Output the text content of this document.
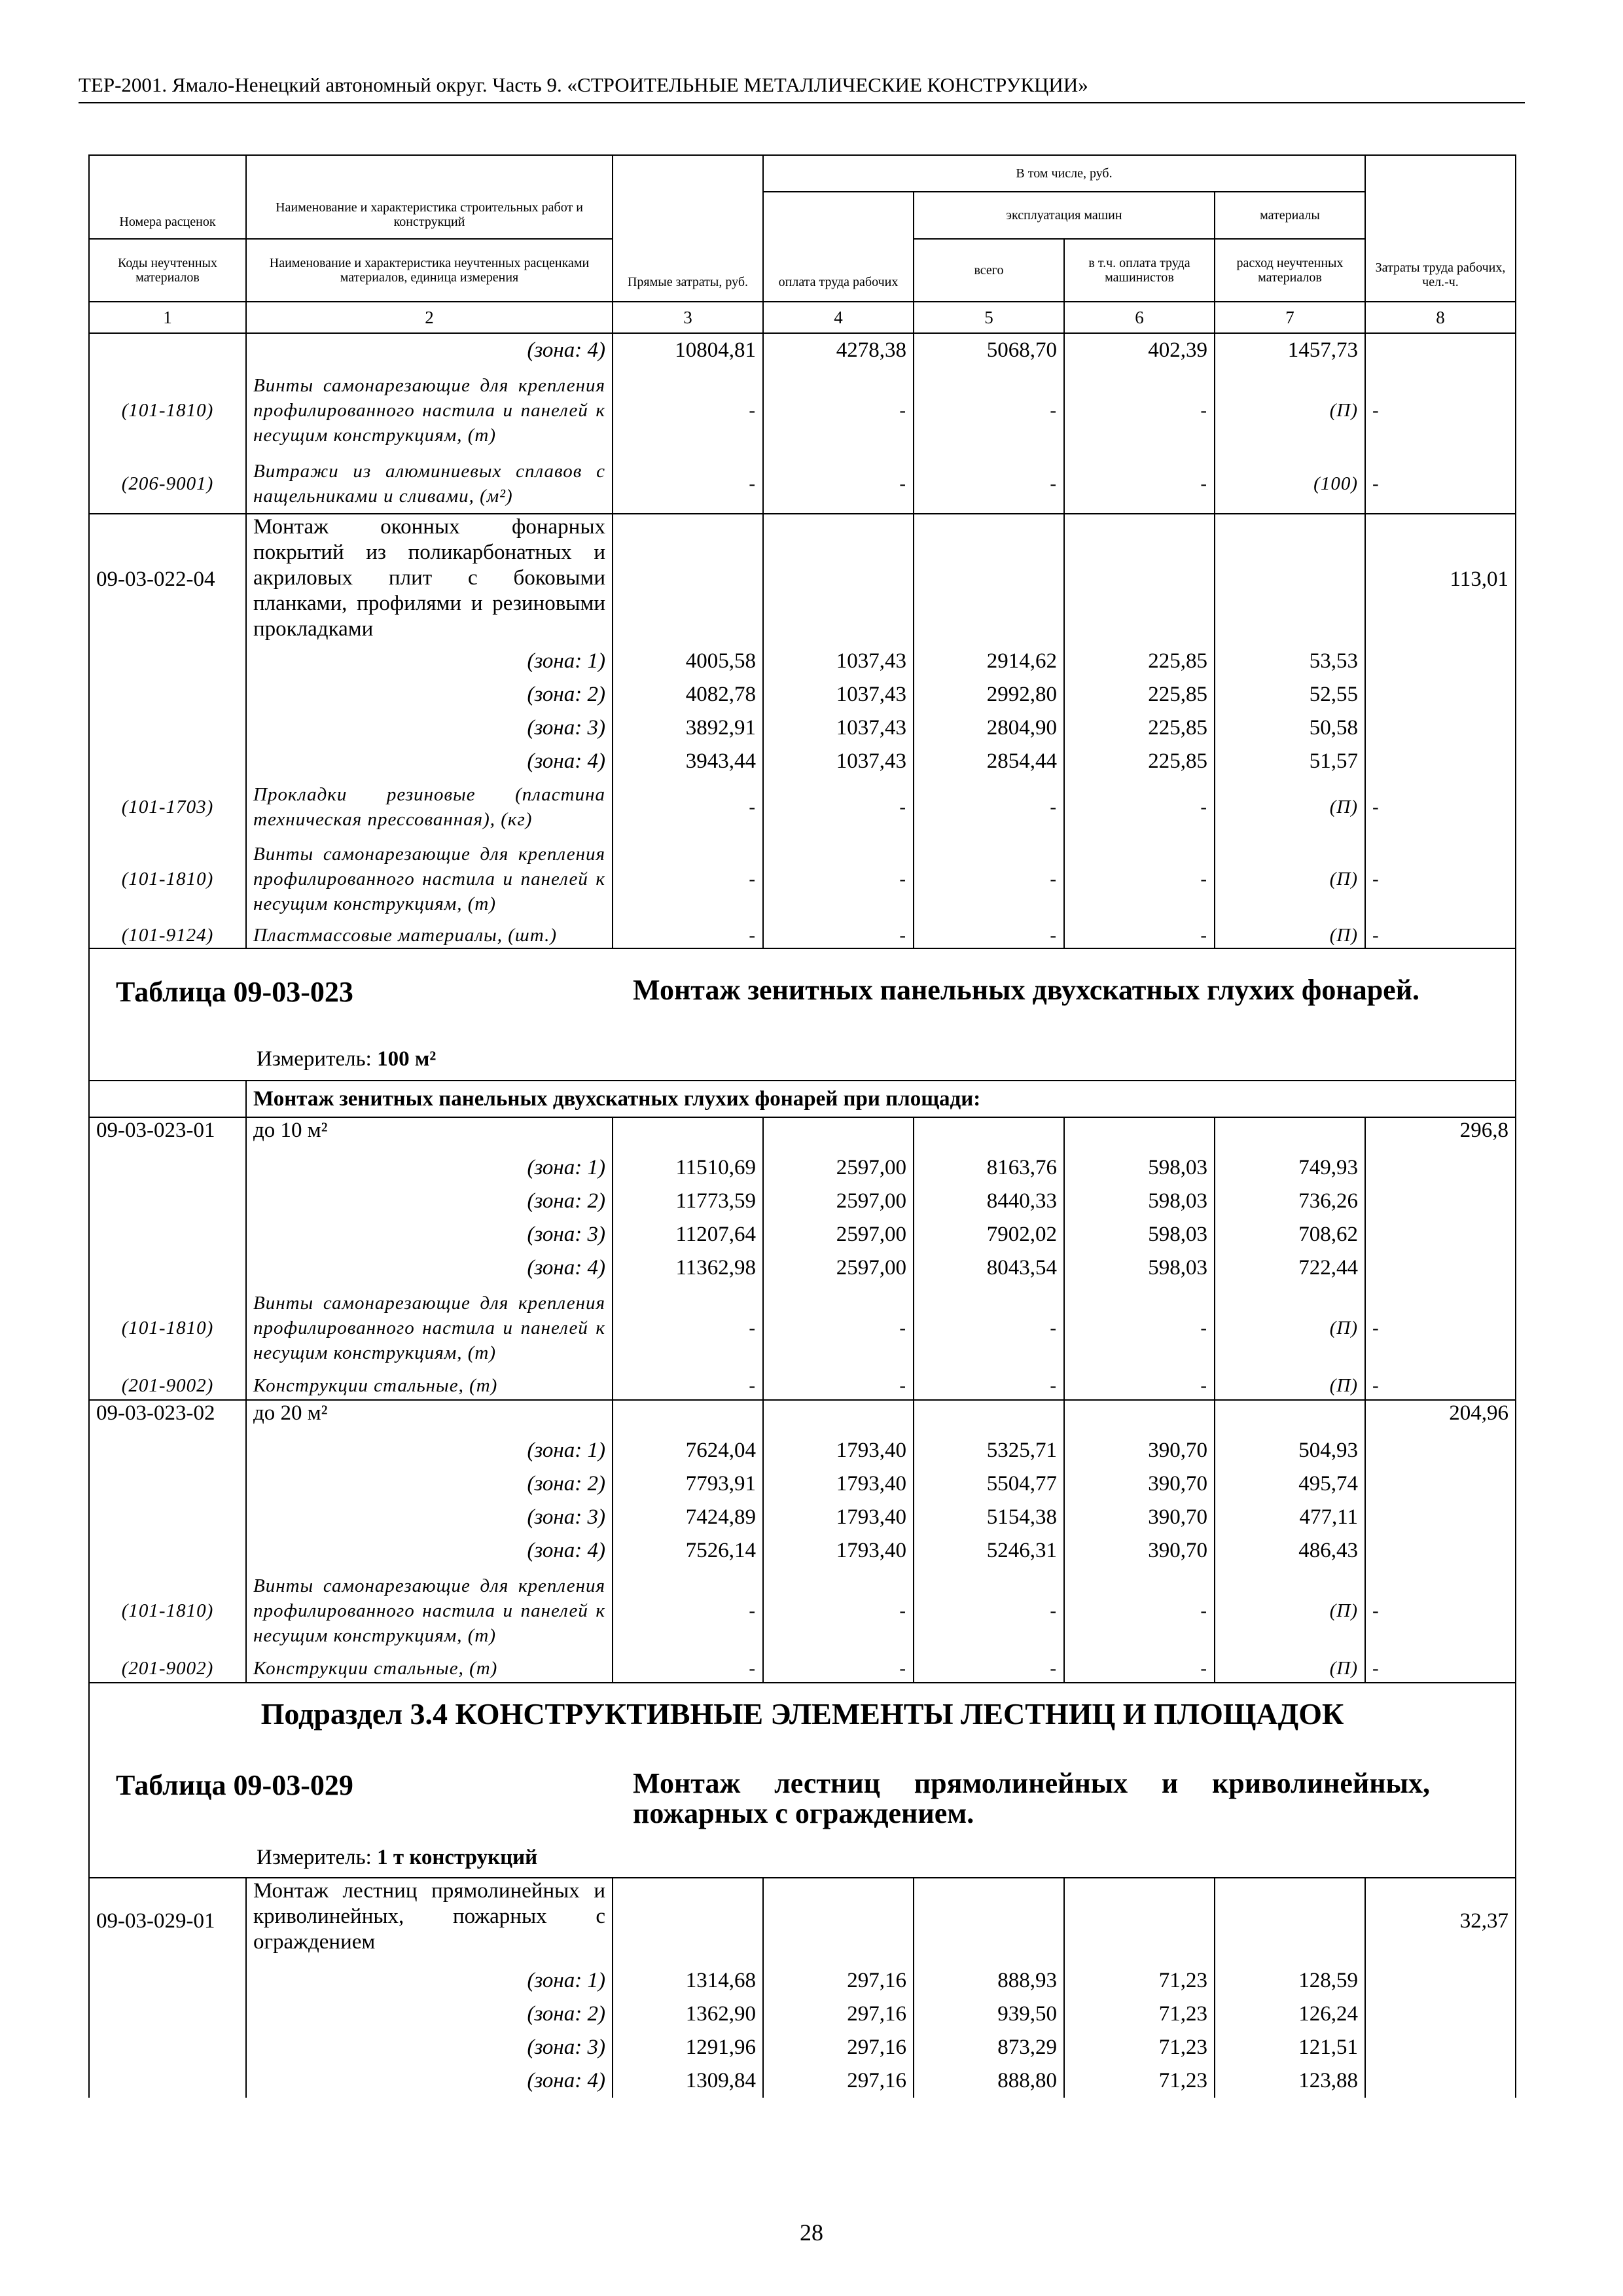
ТЕР-2001. Ямало-Ненецкий автономный округ. Часть 9. «СТРОИТЕЛЬНЫЕ МЕТАЛЛИЧЕСКИЕ КОНСТРУКЦИИ»
Номера расценок	Наименование и характеристика строительных работ и конструкций	Прямые затраты, руб.	В том числе, руб.				Затраты труда рабочих, чел.-ч.
			оплата труда рабочих	эксплуатация машин		материалы	
Коды неучтенных материалов	Наименование и характеристика неучтенных расценками материалов, единица измерения			всего	в т.ч. оплата труда машинистов	расход неучтенных материалов	
1	2	3	4	5	6	7	8
	(зона: 4)	10804,81	4278,38	5068,70	402,39	1457,73	
(101-1810)	Винты самонарезающие для крепления профилированного настила и панелей к несущим конструкциям, (т)	-	-	-	-	(П)	-
(206-9001)	Витражи из алюминиевых сплавов с нащельниками и сливами, (м²)	-	-	-	-	(100)	-
09-03-022-04	Монтаж оконных фонарных покрытий из поликарбонатных и акриловых плит с боковыми планками, профилями и резиновыми прокладками						113,01
	(зона: 1)	4005,58	1037,43	2914,62	225,85	53,53	
	(зона: 2)	4082,78	1037,43	2992,80	225,85	52,55	
	(зона: 3)	3892,91	1037,43	2804,90	225,85	50,58	
	(зона: 4)	3943,44	1037,43	2854,44	225,85	51,57	
(101-1703)	Прокладки резиновые (пластина техническая прессованная), (кг)	-	-	-	-	(П)	-
(101-1810)	Винты самонарезающие для крепления профилированного настила и панелей к несущим конструкциям, (т)	-	-	-	-	(П)	-
(101-9124)	Пластмассовые материалы, (шт.)	-	-	-	-	(П)	-

Таблица 09-03-023 Монтаж зенитных панельных двухскатных глухих фонарей.
Измеритель: 100 м²							

	Монтаж зенитных панельных двухскатных глухих фонарей при площади:						
09-03-023-01	до 10 м²						296,8
	(зона: 1)	11510,69	2597,00	8163,76	598,03	749,93	
	(зона: 2)	11773,59	2597,00	8440,33	598,03	736,26	
	(зона: 3)	11207,64	2597,00	7902,02	598,03	708,62	
	(зона: 4)	11362,98	2597,00	8043,54	598,03	722,44	
(101-1810)	Винты самонарезающие для крепления профилированного настила и панелей к несущим конструкциям, (т)	-	-	-	-	(П)	-
(201-9002)	Конструкции стальные, (т)	-	-	-	-	(П)	-
09-03-023-02	до 20 м²						204,96
	(зона: 1)	7624,04	1793,40	5325,71	390,70	504,93	
	(зона: 2)	7793,91	1793,40	5504,77	390,70	495,74	
	(зона: 3)	7424,89	1793,40	5154,38	390,70	477,11	
	(зона: 4)	7526,14	1793,40	5246,31	390,70	486,43	
(101-1810)	Винты самонарезающие для крепления профилированного настила и панелей к несущим конструкциям, (т)	-	-	-	-	(П)	-
(201-9002)	Конструкции стальные, (т)	-	-	-	-	(П)	-

Подраздел 3.4 КОНСТРУКТИВНЫЕ ЭЛЕМЕНТЫ ЛЕСТНИЦ И ПЛОЩАДОК
Таблица 09-03-029 Монтаж лестниц прямолинейных и криволинейных, пожарных с ограждением.
Измеритель: 1 т конструкций							

09-03-029-01	Монтаж лестниц прямолинейных и криволинейных, пожарных с ограждением						32,37
	(зона: 1)	1314,68	297,16	888,93	71,23	128,59	
	(зона: 2)	1362,90	297,16	939,50	71,23	126,24	
	(зона: 3)	1291,96	297,16	873,29	71,23	121,51	
	(зона: 4)	1309,84	297,16	888,80	71,23	123,88	
28
